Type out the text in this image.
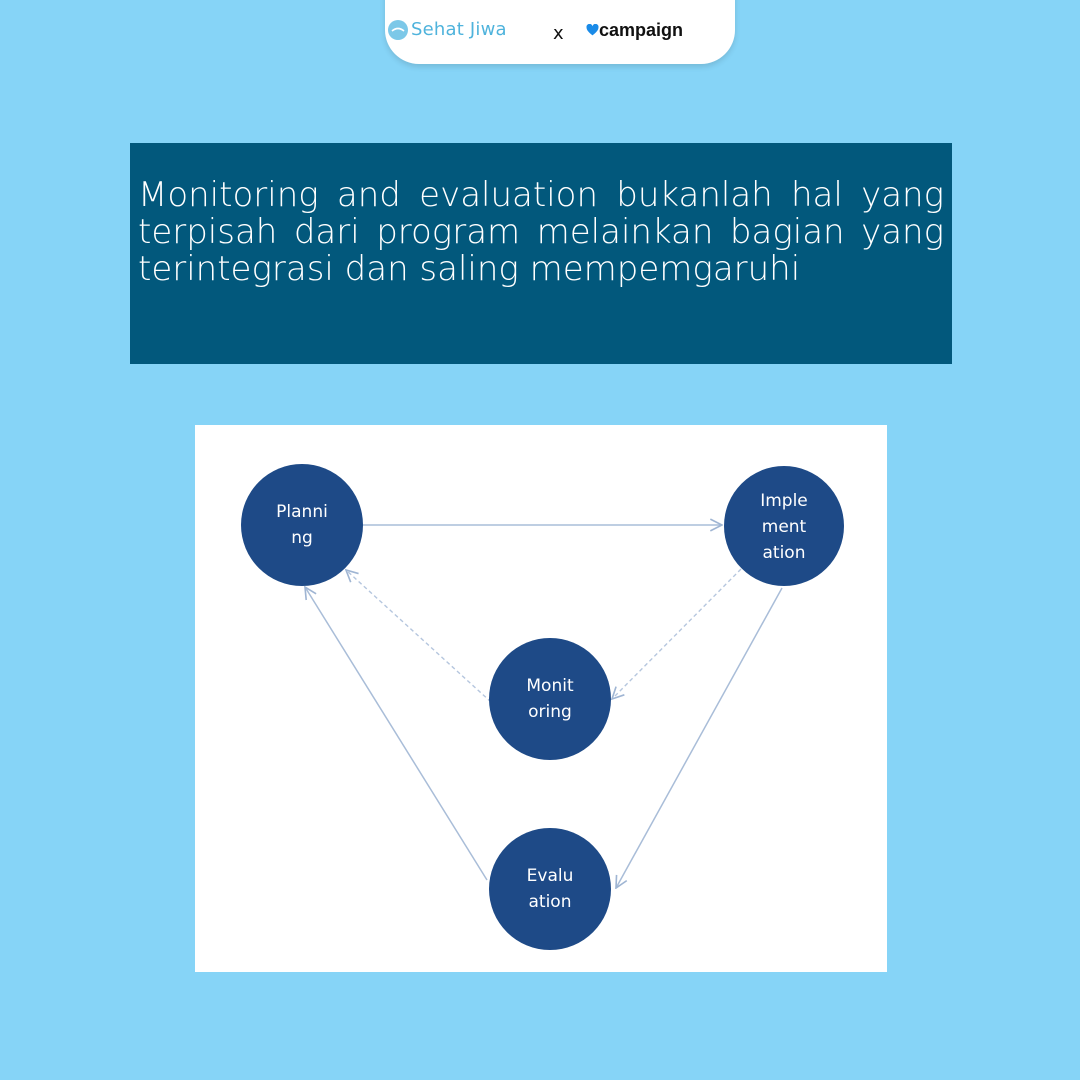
Sehat Jiwa	x campaign

Monitoring and evaluation bukanlah hal yang terpisah dari program melainkan bagian yang terintegrasi dan saling mempemgaruhi

Planni
ng
Imple
ment
ation
Monit
oring
Evalu
ation
